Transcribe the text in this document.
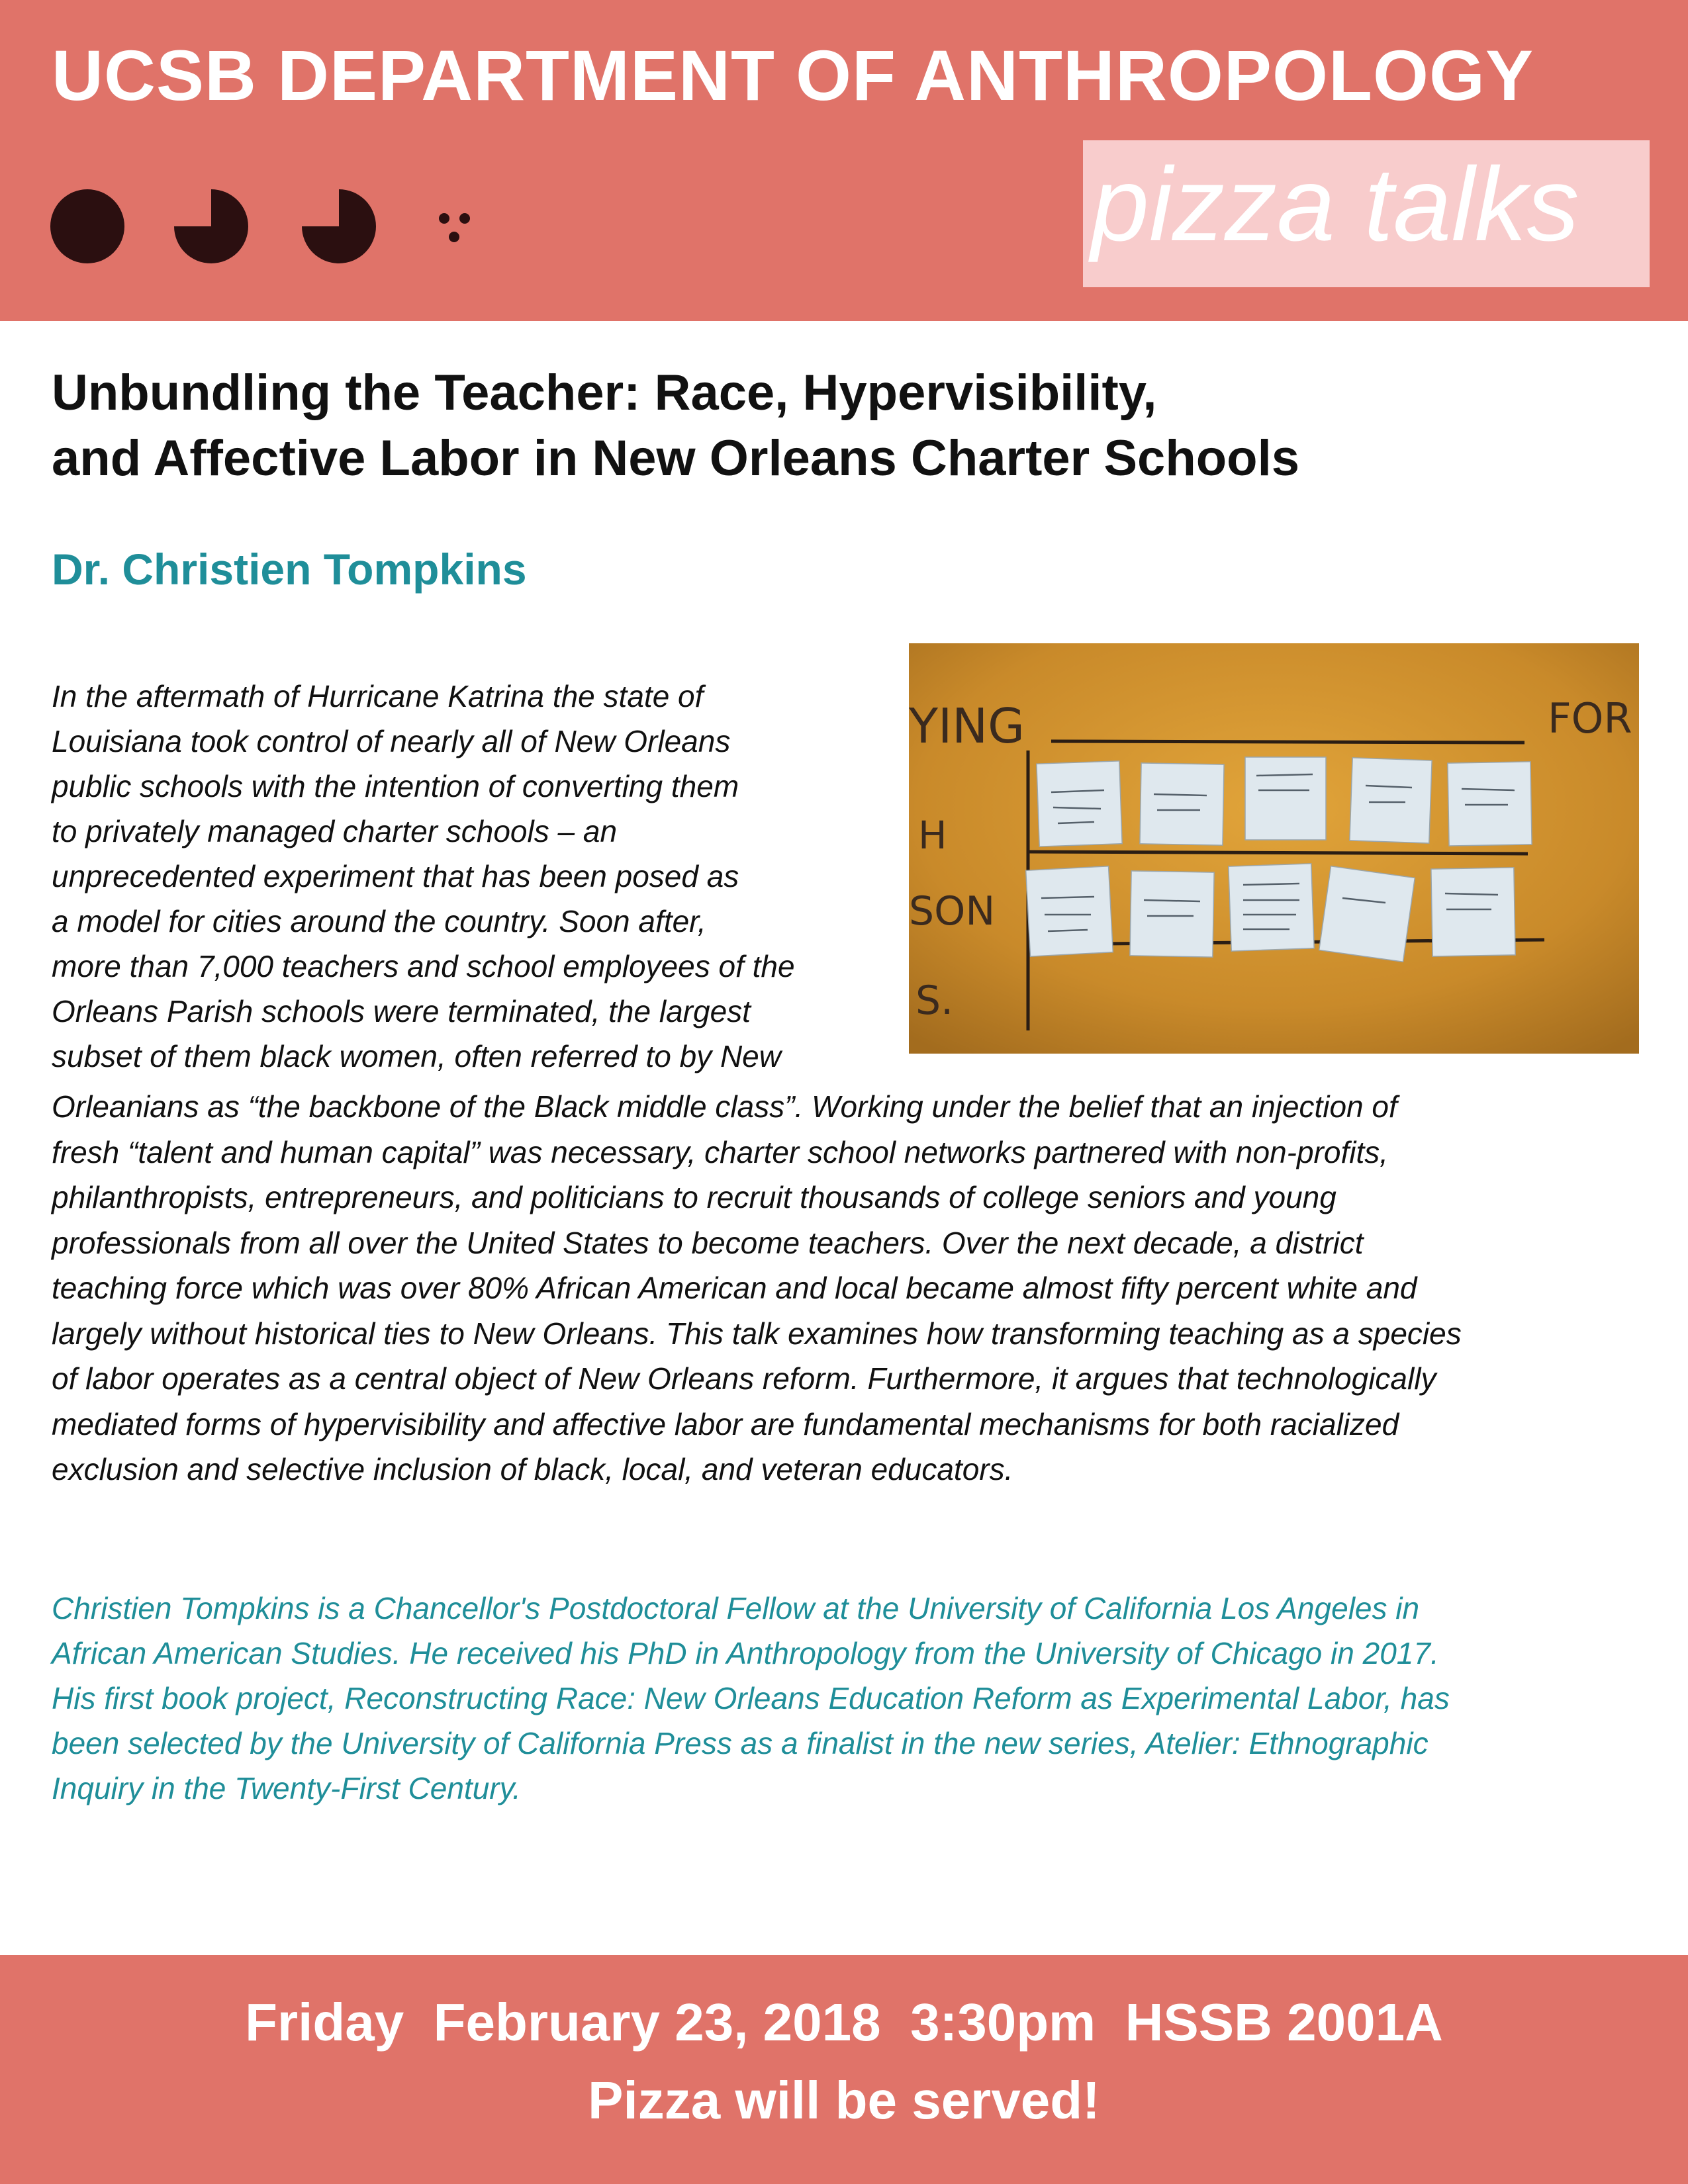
UCSB DEPARTMENT OF ANTHROPOLOGY
pizza talks
Unbundling the Teacher: Race, Hypervisibility,
and Affective Labor in New Orleans Charter Schools
Dr. Christien Tompkins
YING	FOR
H
SON
S.
In the aftermath of Hurricane Katrina the state of
Louisiana took control of nearly all of New Orleans
public schools with the intention of converting them
to privately managed charter schools – an
unprecedented experiment that has been posed as
a model for cities around the country. Soon after,
more than 7,000 teachers and school employees of the
Orleans Parish schools were terminated, the largest
subset of them black women, often referred to by New
Orleanians as “the backbone of the Black middle class”. Working under the belief that an injection of
fresh “talent and human capital” was necessary, charter school networks partnered with non-profits,
philanthropists, entrepreneurs, and politicians to recruit thousands of college seniors and young
professionals from all over the United States to become teachers. Over the next decade, a district
teaching force which was over 80% African American and local became almost fifty percent white and
largely without historical ties to New Orleans. This talk examines how transforming teaching as a species
of labor operates as a central object of New Orleans reform. Furthermore, it argues that technologically
mediated forms of hypervisibility and affective labor are fundamental mechanisms for both racialized
exclusion and selective inclusion of black, local, and veteran educators.
Christien Tompkins is a Chancellor's Postdoctoral Fellow at the University of California Los Angeles in
African American Studies. He received his PhD in Anthropology from the University of Chicago in 2017.
His first book project, Reconstructing Race: New Orleans Education Reform as Experimental Labor, has
been selected by the University of California Press as a finalist in the new series, Atelier: Ethnographic
Inquiry in the Twenty-First Century.
Friday  February 23, 2018  3:30pm  HSSB 2001A
Pizza will be served!
